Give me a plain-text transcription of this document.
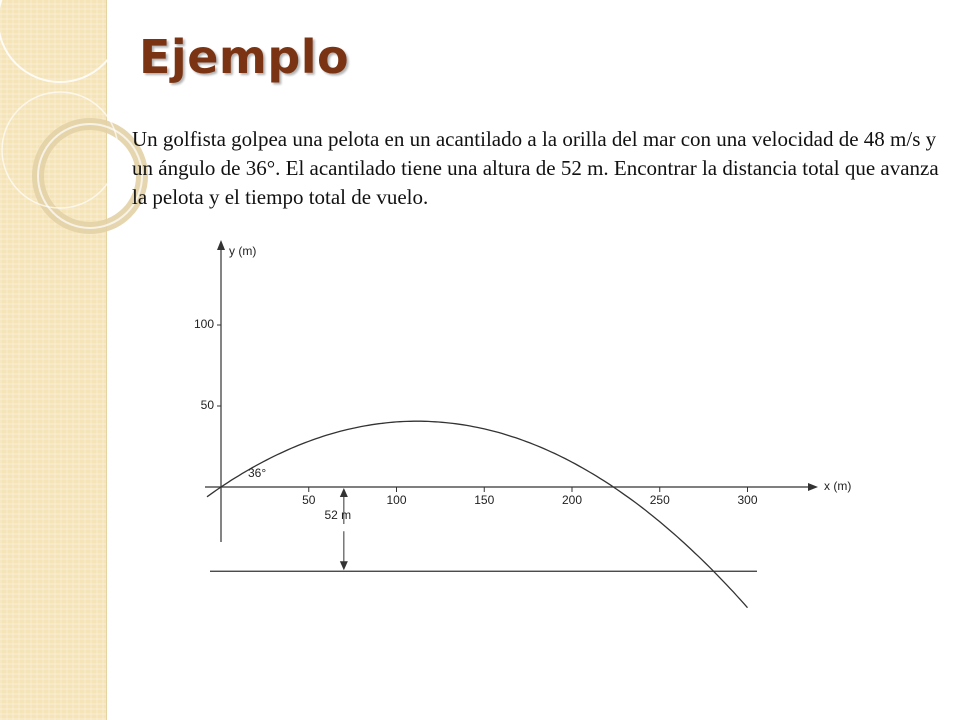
Ejemplo

Un golfista golpea una pelota en un acantilado a la orilla del mar con una velocidad de 48 m/s y un ángulo de 36°. El acantilado tiene una altura de 52 m. Encontrar la distancia total que avanza la pelota y el tiempo total de vuelo.

x (m)
y (m)
50	100	150	200	250	300
50
100
36°
52 m
